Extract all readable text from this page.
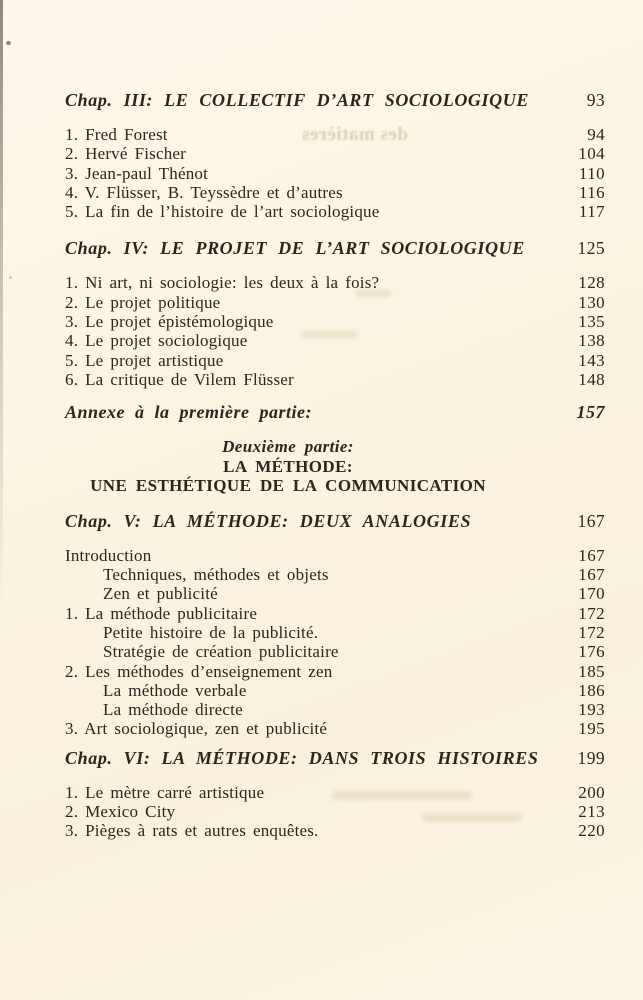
des matières
Chap. III: LE COLLECTIF D’ART SOCIOLOGIQUE	93
1. Fred Forest	94
2. Hervé Fischer	104
3. Jean-paul Thénot	110
4. V. Flüsser, B. Teyssèdre et d’autres	116
5. La fin de l’histoire de l’art sociologique	117
Chap. IV: LE PROJET DE L’ART SOCIOLOGIQUE	125
1. Ni art, ni sociologie: les deux à la fois?	128
2. Le projet politique	130
3. Le projet épistémologique	135
4. Le projet sociologique	138
5. Le projet artistique	143
6. La critique de Vilem Flüsser	148
Annexe à la première partie:	157
Deuxième partie:
LA MÉTHODE:
UNE ESTHÉTIQUE DE LA COMMUNICATION
Chap. V: LA MÉTHODE: DEUX ANALOGIES	167
Introduction	167
Techniques, méthodes et objets	167
Zen et publicité	170
1. La méthode publicitaire	172
Petite histoire de la publicité.	172
Stratégie de création publicitaire	176
2. Les méthodes d’enseignement zen	185
La méthode verbale	186
La méthode directe	193
3. Art sociologique, zen et publicité	195
Chap. VI: LA MÉTHODE: DANS TROIS HISTOIRES 199
1. Le mètre carré artistique	200
2. Mexico City	213
3. Pièges à rats et autres enquêtes.	220
